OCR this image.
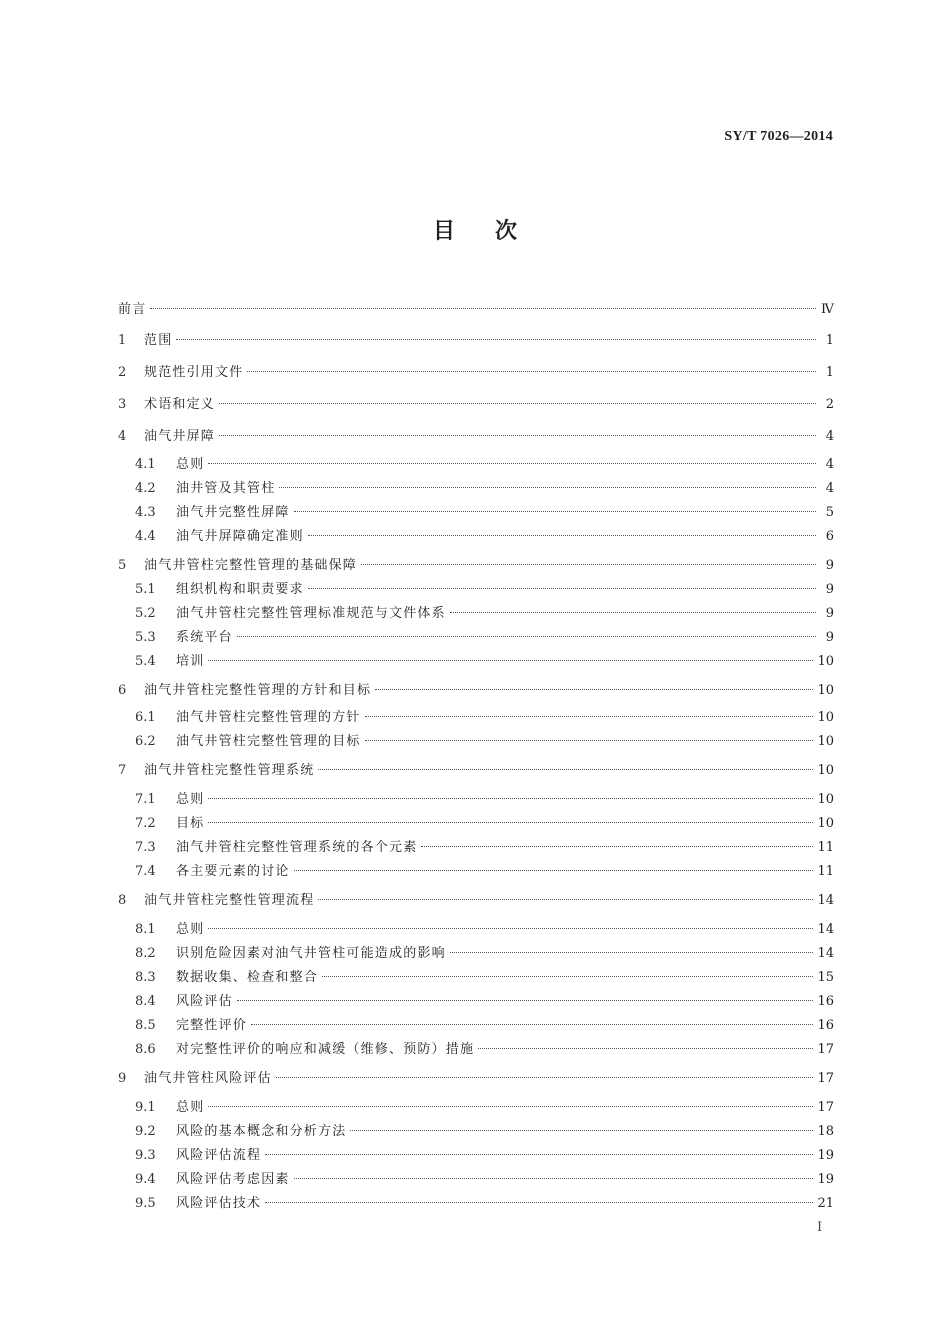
SY/T 7026—2014
目次
前言	Ⅳ
1	范围	1
2	规范性引用文件	1
3	术语和定义	2
4	油气井屏障	4
4.1	总则	4
4.2	油井管及其管柱	4
4.3	油气井完整性屏障	5
4.4	油气井屏障确定准则	6
5	油气井管柱完整性管理的基础保障	9
5.1	组织机构和职责要求	9
5.2	油气井管柱完整性管理标准规范与文件体系	9
5.3	系统平台	9
5.4	培训	10
6	油气井管柱完整性管理的方针和目标	10
6.1	油气井管柱完整性管理的方针	10
6.2	油气井管柱完整性管理的目标	10
7	油气井管柱完整性管理系统	10
7.1	总则	10
7.2	目标	10
7.3	油气井管柱完整性管理系统的各个元素	11
7.4	各主要元素的讨论	11
8	油气井管柱完整性管理流程	14
8.1	总则	14
8.2	识别危险因素对油气井管柱可能造成的影响	14
8.3	数据收集、检查和整合	15
8.4	风险评估	16
8.5	完整性评价	16
8.6	对完整性评价的响应和减缓（维修、预防）措施	17
9	油气井管柱风险评估	17
9.1	总则	17
9.2	风险的基本概念和分析方法	18
9.3	风险评估流程	19
9.4	风险评估考虑因素	19
9.5	风险评估技术	21
I
